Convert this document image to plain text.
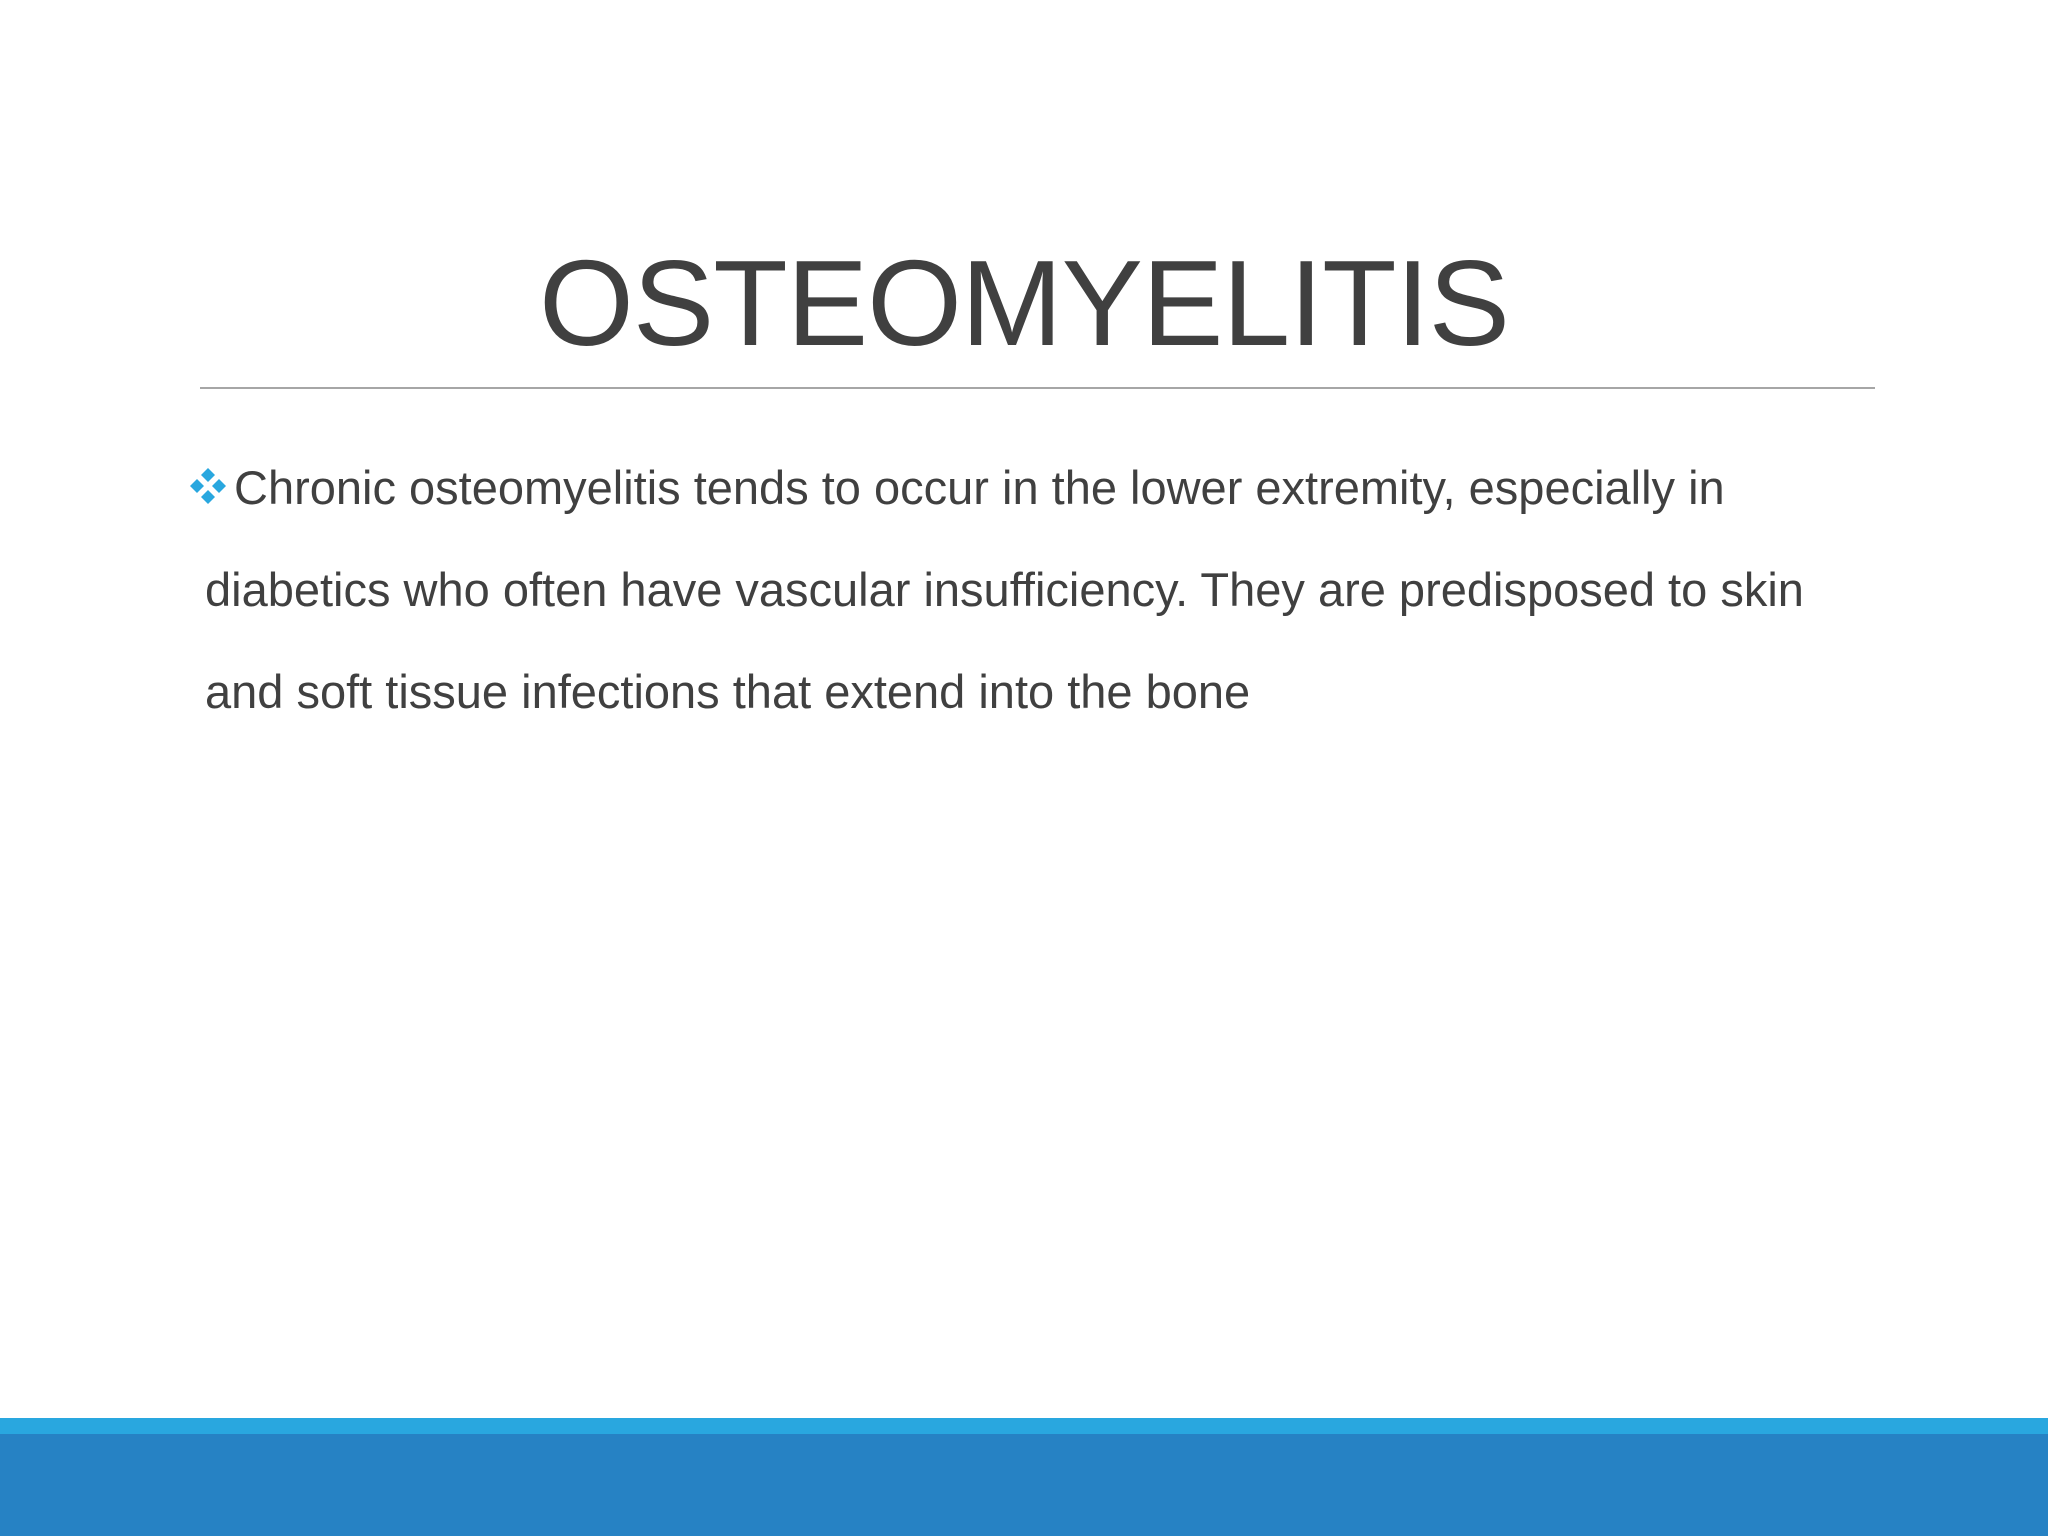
OSTEOMYELITIS

Chronic osteomyelitis tends to occur in the lower extremity, especially in diabetics who often have vascular insufficiency. They are predisposed to skin and soft tissue infections that extend into the bone
